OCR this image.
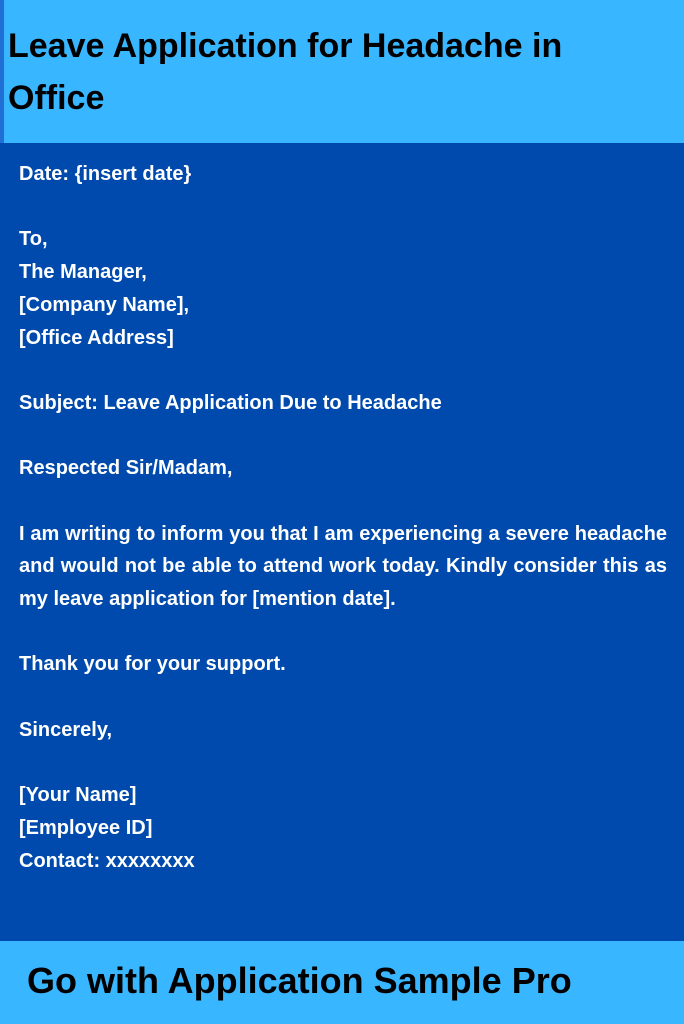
Leave Application for Headache in Office
Date: {insert date}
To,
The Manager,
[Company Name],
[Office Address]
Subject: Leave Application Due to Headache
Respected Sir/Madam,
I am writing to inform you that I am experiencing a severe headache and would not be able to attend work today. Kindly consider this as my leave application for [mention date].
Thank you for your support.
Sincerely,
[Your Name]
[Employee ID]
Contact: xxxxxxxx

Go with Application Sample Pro
